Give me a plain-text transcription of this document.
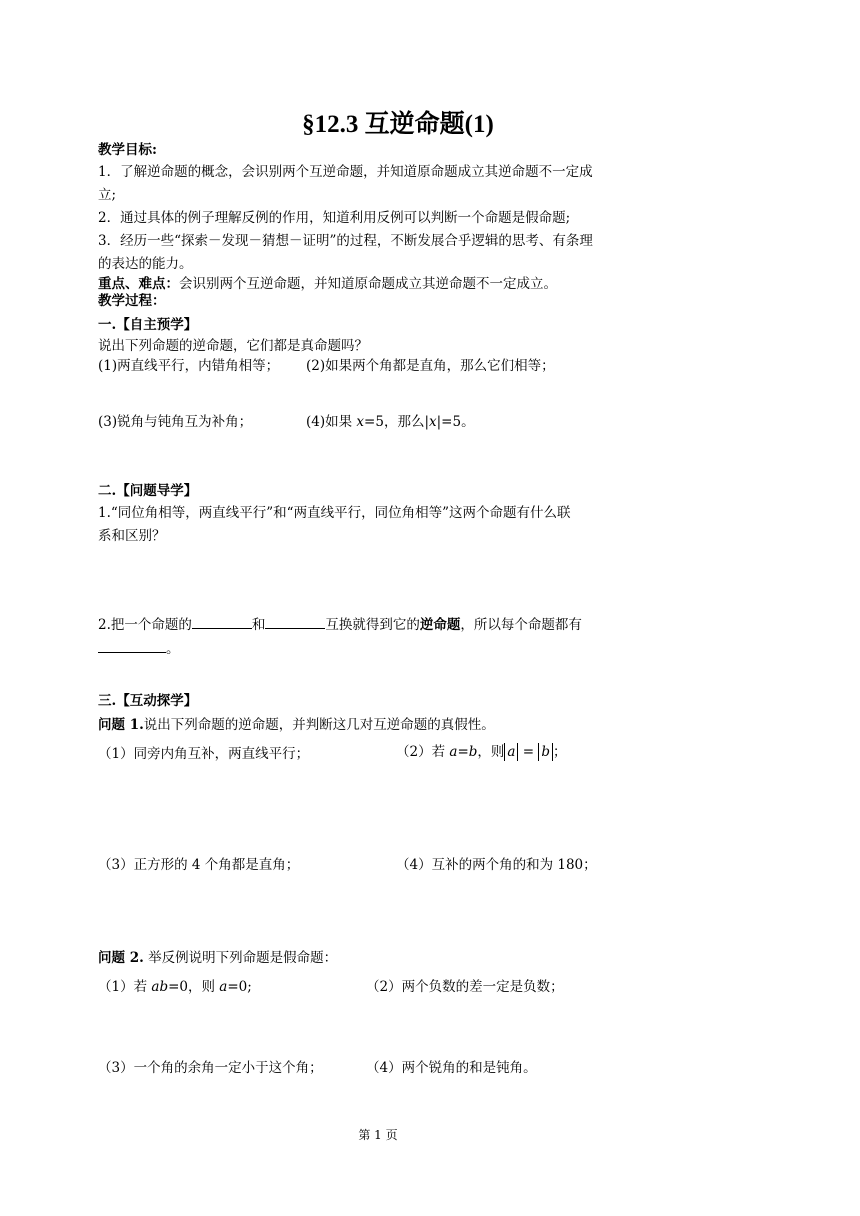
§12.3 互逆命题(1)
教学目标:
1．了解逆命题的概念，会识别两个互逆命题，并知道原命题成立其逆命题不一定成
立;
2．通过具体的例子理解反例的作用，知道利用反例可以判断一个命题是假命题;
3．经历一些“探索－发现－猜想－证明”的过程，不断发展合乎逻辑的思考、有条理
的表达的能力。
重点、难点：会识别两个互逆命题，并知道原命题成立其逆命题不一定成立。
教学过程：
一.【自主预学】
说出下列命题的逆命题，它们都是真命题吗？
(1)两直线平行，内错角相等； (2)如果两个角都是直角，那么它们相等；
(3)锐角与钝角互为补角；	(4)如果 x=5，那么|x|=5。
二.【问题导学】
1.“同位角相等，两直线平行”和“两直线平行，同位角相等”这两个命题有什么联
系和区别？
2.把一个命题的	和	互换就得到它的逆命题，所以每个命题都有
。
三.【互动探学】
问题 1.说出下列命题的逆命题，并判断这几对互逆命题的真假性。
（1）同旁内角互补，两直线平行；	（2）若 a=b，则 a = b ；
（3）正方形的 4 个角都是直角；	（4）互补的两个角的和为 180；
问题 2. 举反例说明下列命题是假命题：
（1）若 ab=0，则 a=0;	（2）两个负数的差一定是负数；
（3）一个角的余角一定小于这个角；	（4）两个锐角的和是钝角。
第 1 页
